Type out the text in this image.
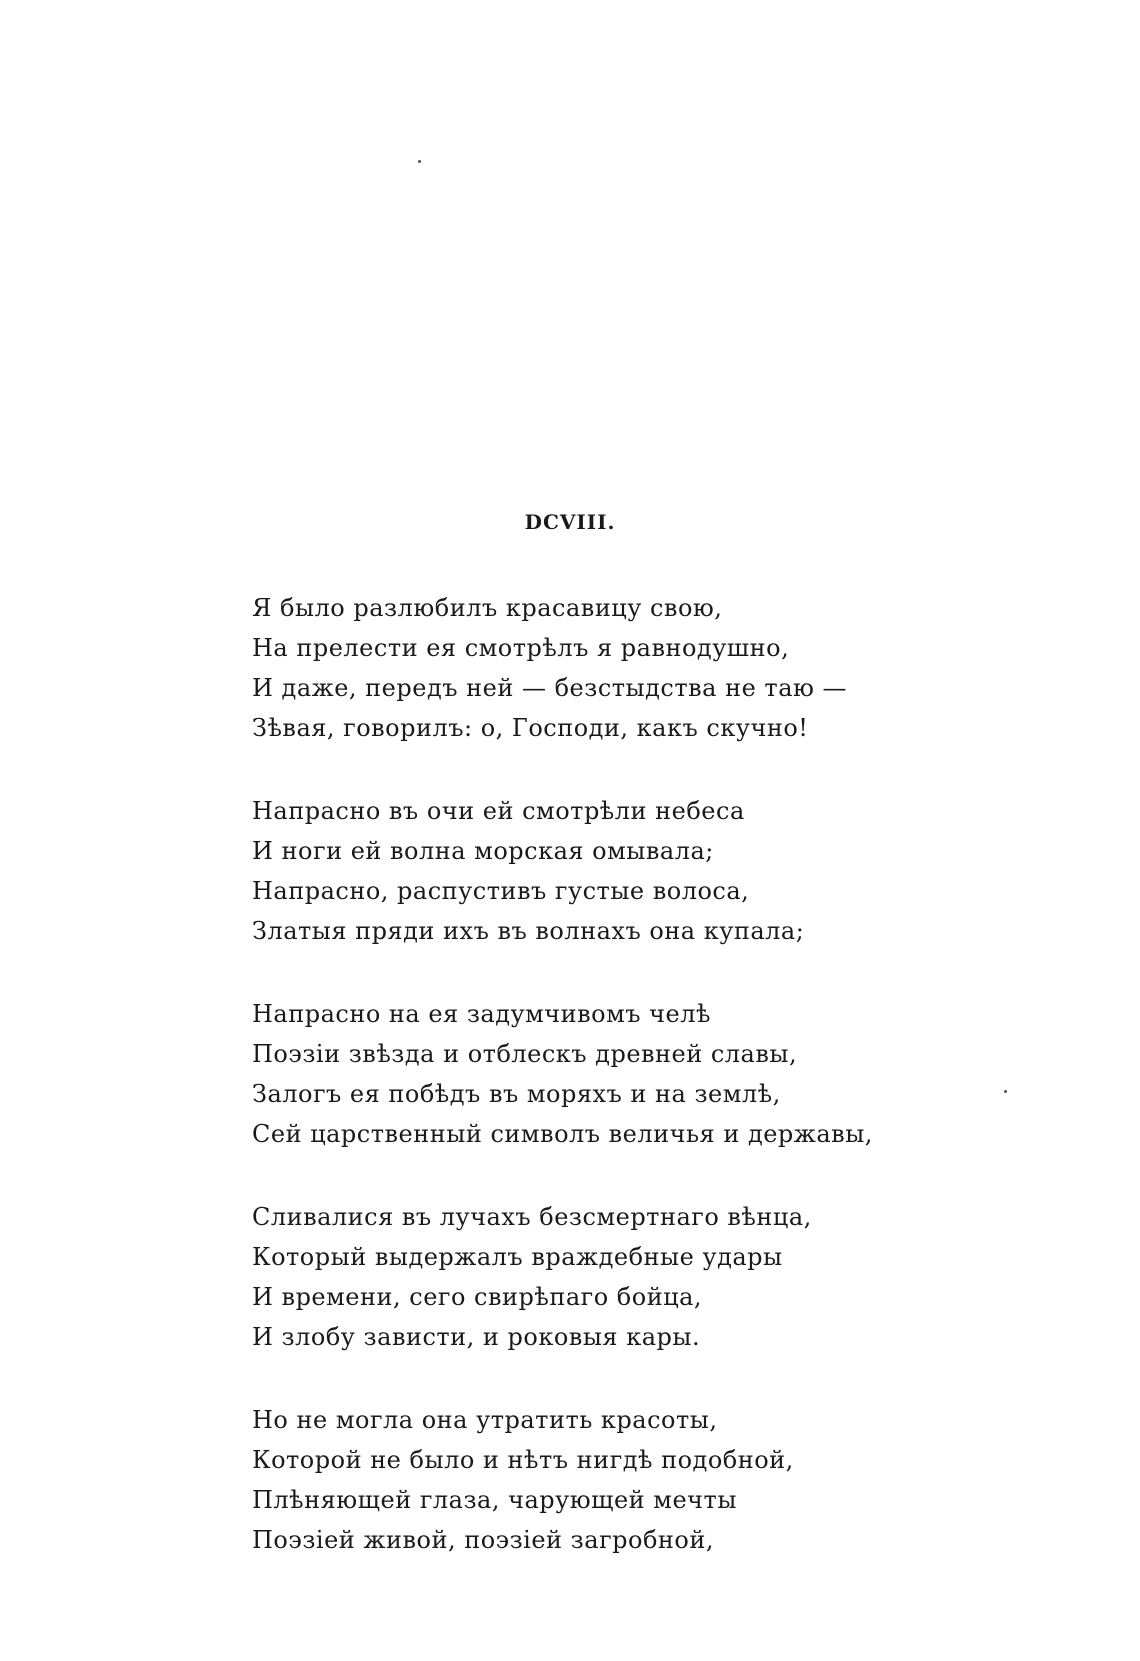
DCVIII.
Я было разлюбилъ красавицу свою,
На прелести ея смотрѣлъ я равнодушно,
И даже, передъ ней — безстыдства не таю —
Зѣвая, говорилъ: о, Господи, какъ скучно!
Напрасно въ очи ей смотрѣли небеса
И ноги ей волна морская омывала;
Напрасно, распустивъ густые волоса,
Златыя пряди ихъ въ волнахъ она купала;
Напрасно на ея задумчивомъ челѣ
Поэзіи звѣзда и отблескъ древней славы,
Залогъ ея побѣдъ въ моряхъ и на землѣ,
Сей царственный символъ величья и державы,
Сливалися въ лучахъ безсмертнаго вѣнца,
Который выдержалъ враждебные удары
И времени, сего свирѣпаго бойца,
И злобу зависти, и роковыя кары.
Но не могла она утратить красоты,
Которой не было и нѣтъ нигдѣ подобной,
Плѣняющей глаза, чарующей мечты
Поэзіей живой, поэзіей загробной,
